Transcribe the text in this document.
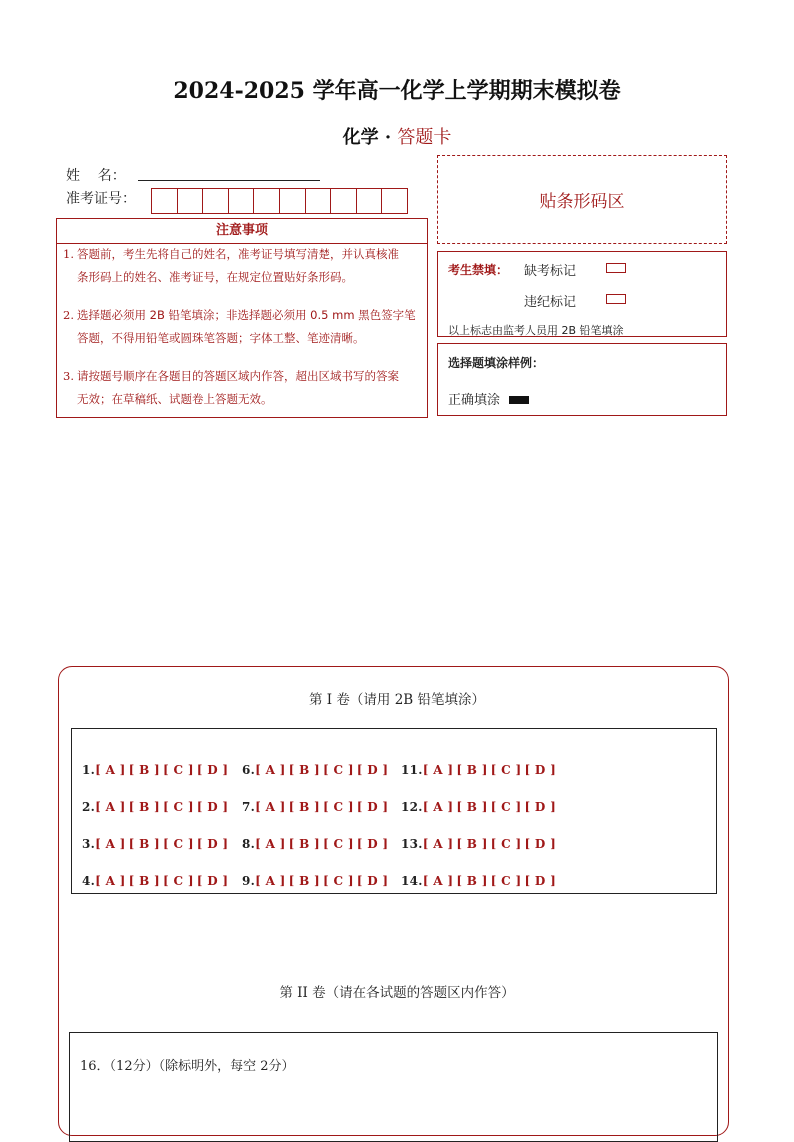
2024-2025 学年高一化学上学期期末模拟卷
化学 · 答题卡
姓    名：
准考证号：
注意事项
1. 答题前，考生先将自己的姓名，准考证号填写清楚，并认真核准
条形码上的姓名、准考证号，在规定位置贴好条形码。
2. 选择题必须用 2B 铅笔填涂；非选择题必须用 0.5 mm 黑色签字笔
答题，不得用铅笔或圆珠笔答题；字体工整、笔迹清晰。
3. 请按题号顺序在各题目的答题区域内作答，超出区域书写的答案
无效；在草稿纸、试题卷上答题无效。
贴条形码区
考生禁填： 缺考标记
违纪标记
以上标志由监考人员用 2B 铅笔填涂
选择题填涂样例：
正确填涂
第 I 卷（请用 2B 铅笔填涂）
1.[ A ] [ B ] [ C ] [ D ]
2.[ A ] [ B ] [ C ] [ D ]
3.[ A ] [ B ] [ C ] [ D ]
4.[ A ] [ B ] [ C ] [ D ]
6.[ A ] [ B ] [ C ] [ D ]
7.[ A ] [ B ] [ C ] [ D ]
8.[ A ] [ B ] [ C ] [ D ]
9.[ A ] [ B ] [ C ] [ D ]
11.[ A ] [ B ] [ C ] [ D ]
12.[ A ] [ B ] [ C ] [ D ]
13.[ A ] [ B ] [ C ] [ D ]
14.[ A ] [ B ] [ C ] [ D ]
第 II 卷（请在各试题的答题区内作答）
16．（12分）（除标明外，每空 2分）
